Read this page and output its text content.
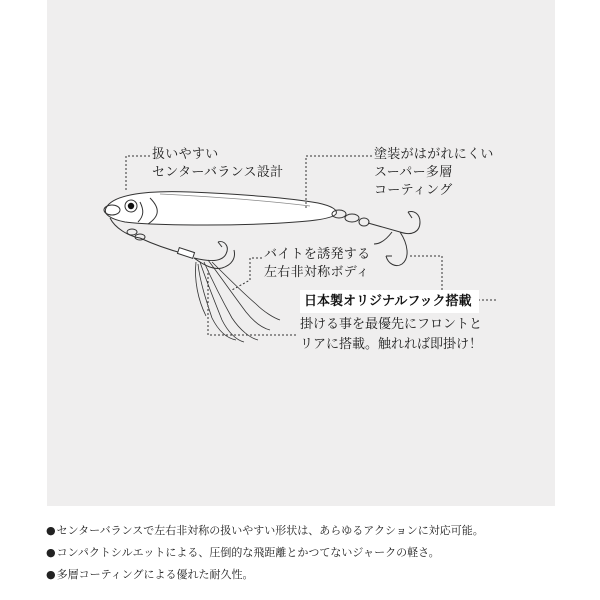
扱いやすい
センターバランス設計
塗装がはがれにくい
スーパー多層
コーティング
バイトを誘発する
左右非対称ボディ
日本製オリジナルフック搭載
掛ける事を最優先にフロントと
リアに搭載。触れれば即掛け！
●センターバランスで左右非対称の扱いやすい形状は、あらゆるアクションに対応可能。
●コンパクトシルエットによる、圧倒的な飛距離とかつてないジャークの軽さ。
●多層コーティングによる優れた耐久性。
